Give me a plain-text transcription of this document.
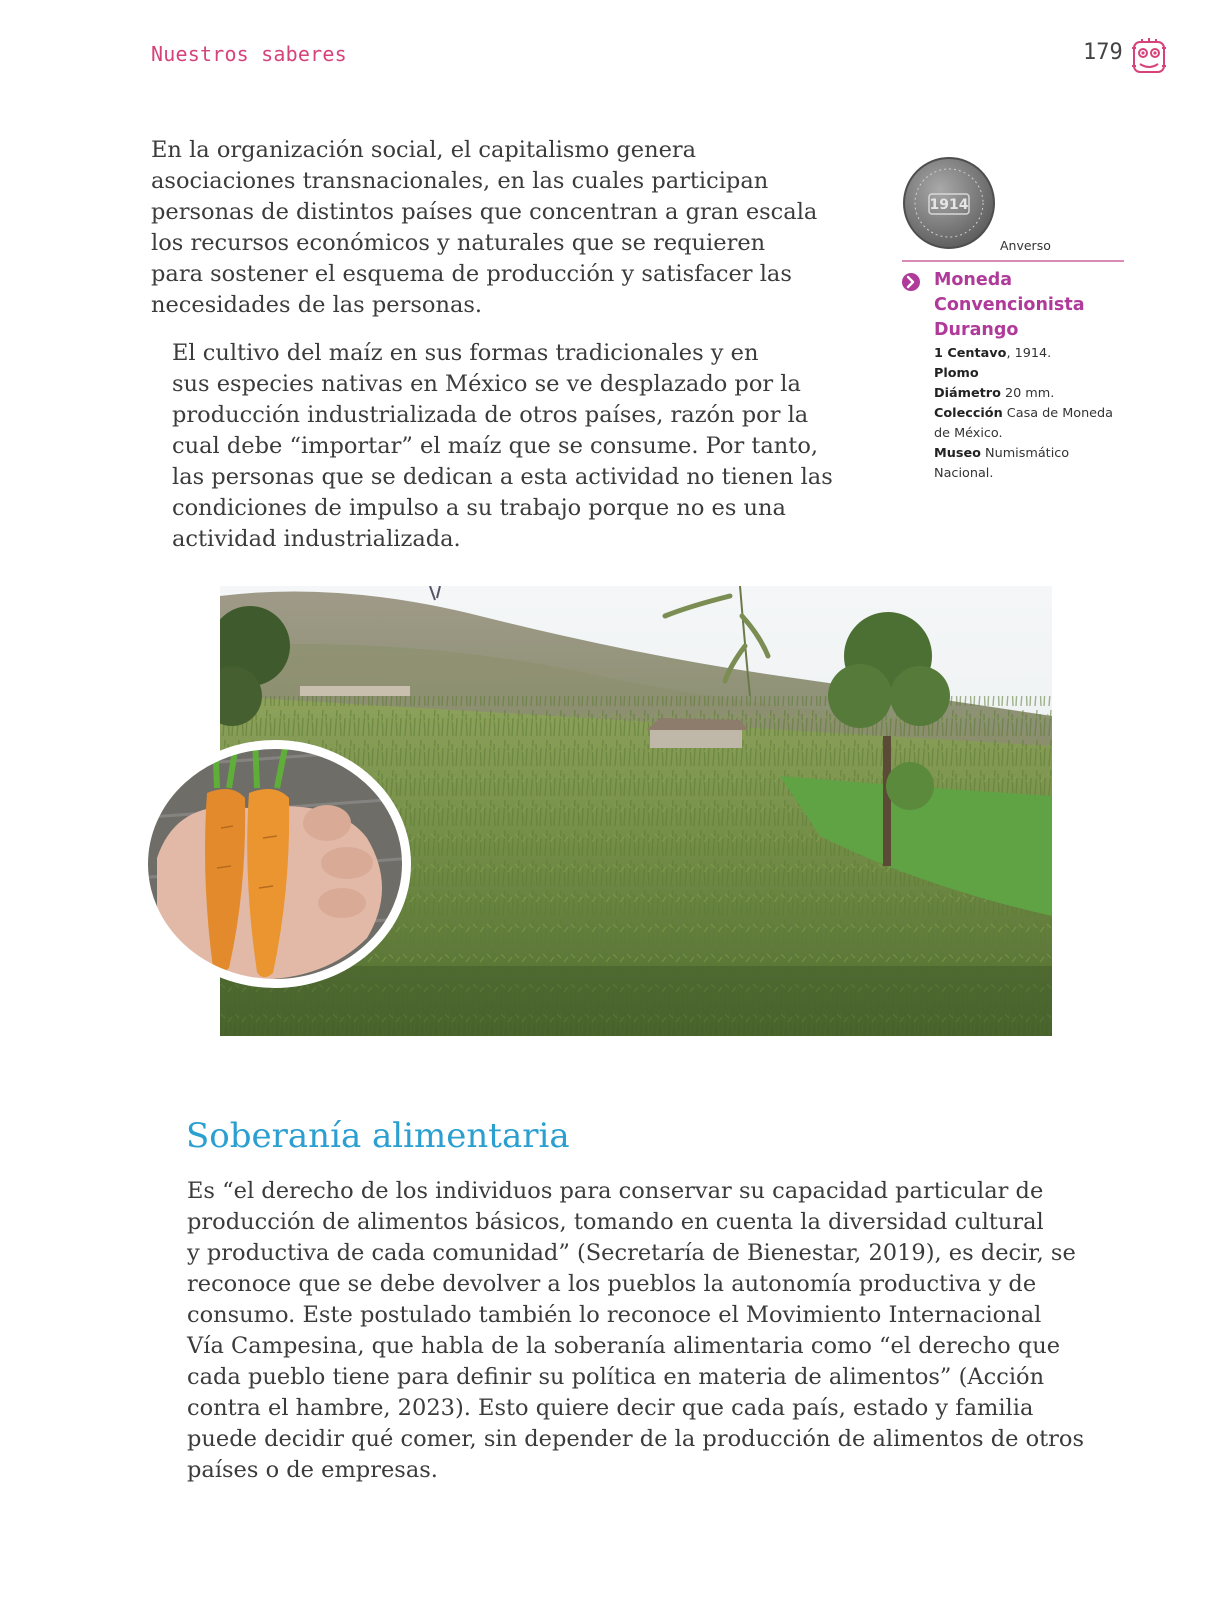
Nuestros saberes	179

En la organización social, el capitalismo genera
asociaciones transnacionales, en las cuales participan
personas de distintos países que concentran a gran escala
los recursos económicos y naturales que se requieren
para sostener el esquema de producción y satisfacer las
necesidades de las personas.

El cultivo del maíz en sus formas tradicionales y en
sus especies nativas en México se ve desplazado por la
producción industrializada de otros países, razón por la
cual debe “importar” el maíz que se consume. Por tanto,
las personas que se dedican a esta actividad no tienen las
condiciones de impulso a su trabajo porque no es una
actividad industrializada.

1914
Anverso

Moneda
Convencionista
Durango

1 Centavo, 1914.
Plomo
Diámetro 20 mm.
Colección Casa de Moneda
de México.
Museo Numismático
Nacional.
Soberanía alimentaria

Es “el derecho de los individuos para conservar su capacidad particular de
producción de alimentos básicos, tomando en cuenta la diversidad cultural
y productiva de cada comunidad” (Secretaría de Bienestar, 2019), es decir, se
reconoce que se debe devolver a los pueblos la autonomía productiva y de
consumo. Este postulado también lo reconoce el Movimiento Internacional
Vía Campesina, que habla de la soberanía alimentaria como “el derecho que
cada pueblo tiene para definir su política en materia de alimentos” (Acción
contra el hambre, 2023). Esto quiere decir que cada país, estado y familia
puede decidir qué comer, sin depender de la producción de alimentos de otros
países o de empresas.
